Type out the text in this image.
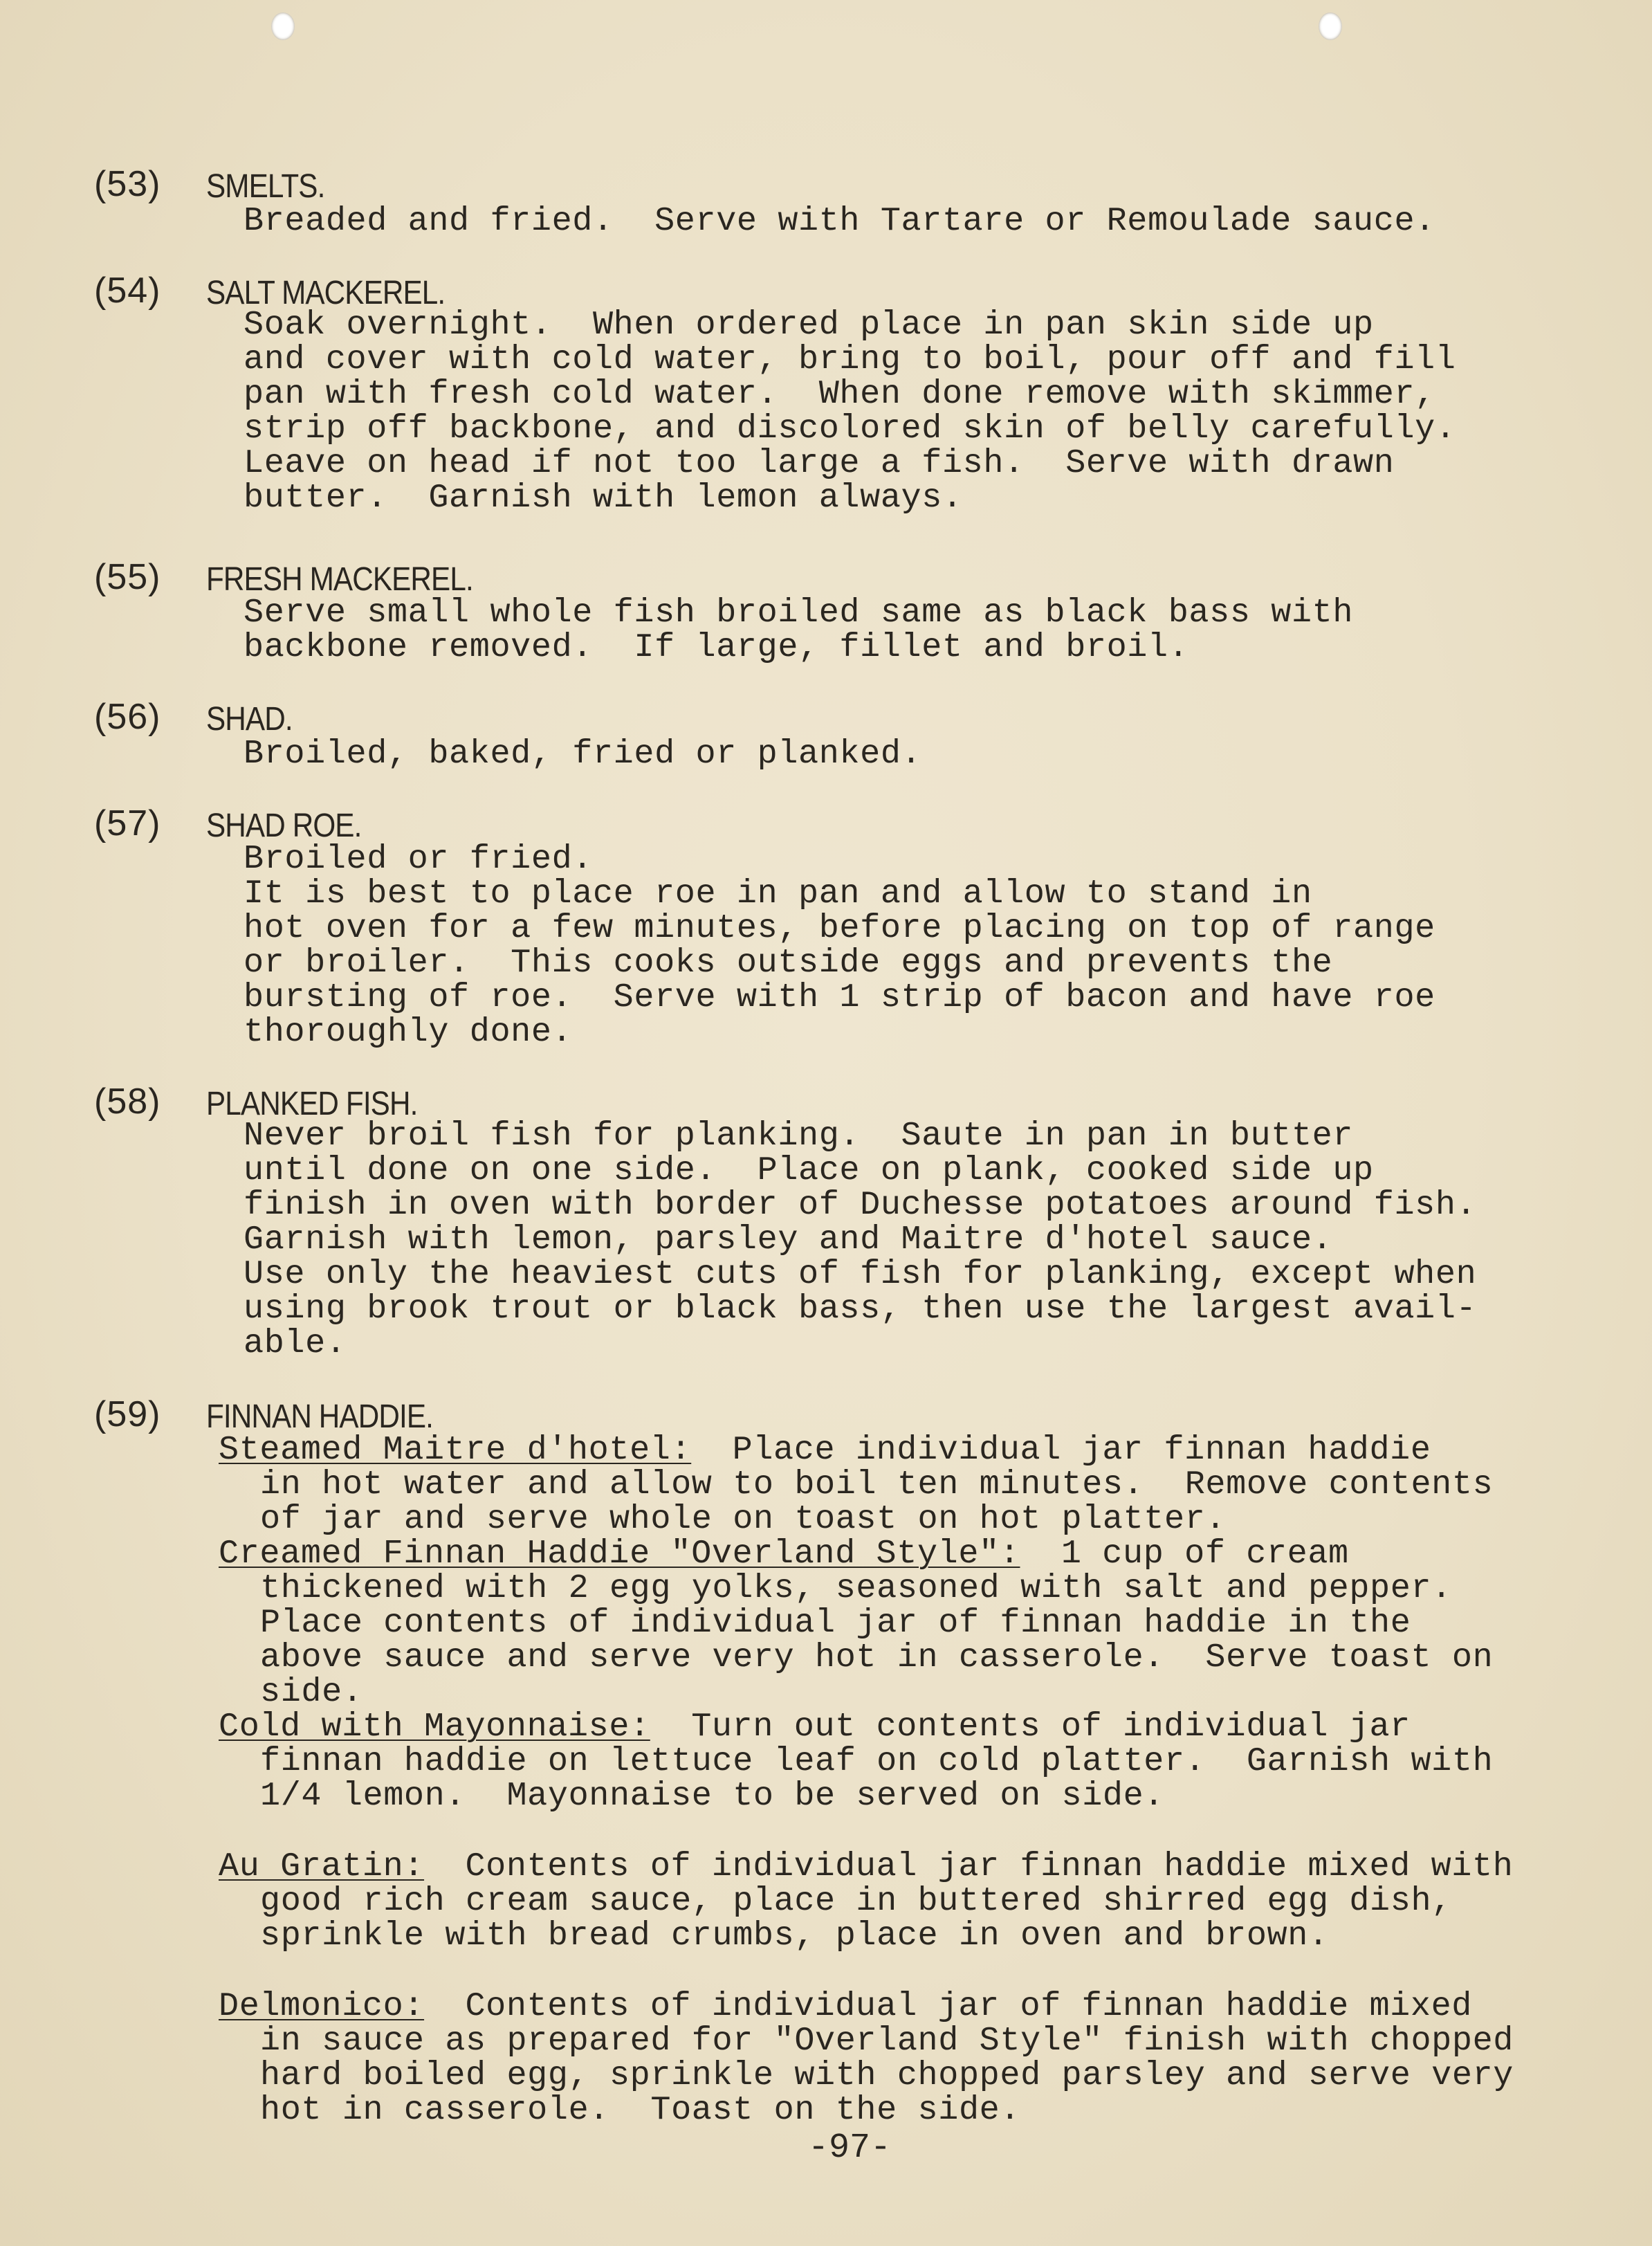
(53) SMELTS.
Breaded and fried.  Serve with Tartare or Remoulade sauce.
(54) SALT MACKEREL.
Soak overnight.  When ordered place in pan skin side up
and cover with cold water, bring to boil, pour off and fill
pan with fresh cold water.  When done remove with skimmer,
strip off backbone, and discolored skin of belly carefully.
Leave on head if not too large a fish.  Serve with drawn
butter.  Garnish with lemon always.
(55) FRESH MACKEREL.
Serve small whole fish broiled same as black bass with
backbone removed.  If large, fillet and broil.
(56) SHAD.
Broiled, baked, fried or planked.
(57) SHAD ROE.
Broiled or fried.
It is best to place roe in pan and allow to stand in
hot oven for a few minutes, before placing on top of range
or broiler.  This cooks outside eggs and prevents the
bursting of roe.  Serve with 1 strip of bacon and have roe
thoroughly done.
(58) PLANKED FISH.
Never broil fish for planking.  Saute in pan in butter
until done on one side.  Place on plank, cooked side up
finish in oven with border of Duchesse potatoes around fish.
Garnish with lemon, parsley and Maitre d'hotel sauce.
Use only the heaviest cuts of fish for planking, except when
using brook trout or black bass, then use the largest avail-
able.
(59) FINNAN HADDIE.
Steamed Maitre d'hotel:  Place individual jar finnan haddie
in hot water and allow to boil ten minutes.  Remove contents
of jar and serve whole on toast on hot platter.
Creamed Finnan Haddie "Overland Style":  1 cup of cream
thickened with 2 egg yolks, seasoned with salt and pepper.
Place contents of individual jar of finnan haddie in the
above sauce and serve very hot in casserole.  Serve toast on
side.
Cold with Mayonnaise:  Turn out contents of individual jar
finnan haddie on lettuce leaf on cold platter.  Garnish with
1/4 lemon.  Mayonnaise to be served on side.
Au Gratin:  Contents of individual jar finnan haddie mixed with
good rich cream sauce, place in buttered shirred egg dish,
sprinkle with bread crumbs, place in oven and brown.
Delmonico:  Contents of individual jar of finnan haddie mixed
in sauce as prepared for "Overland Style" finish with chopped
hard boiled egg, sprinkle with chopped parsley and serve very
hot in casserole.  Toast on the side.
-97-
